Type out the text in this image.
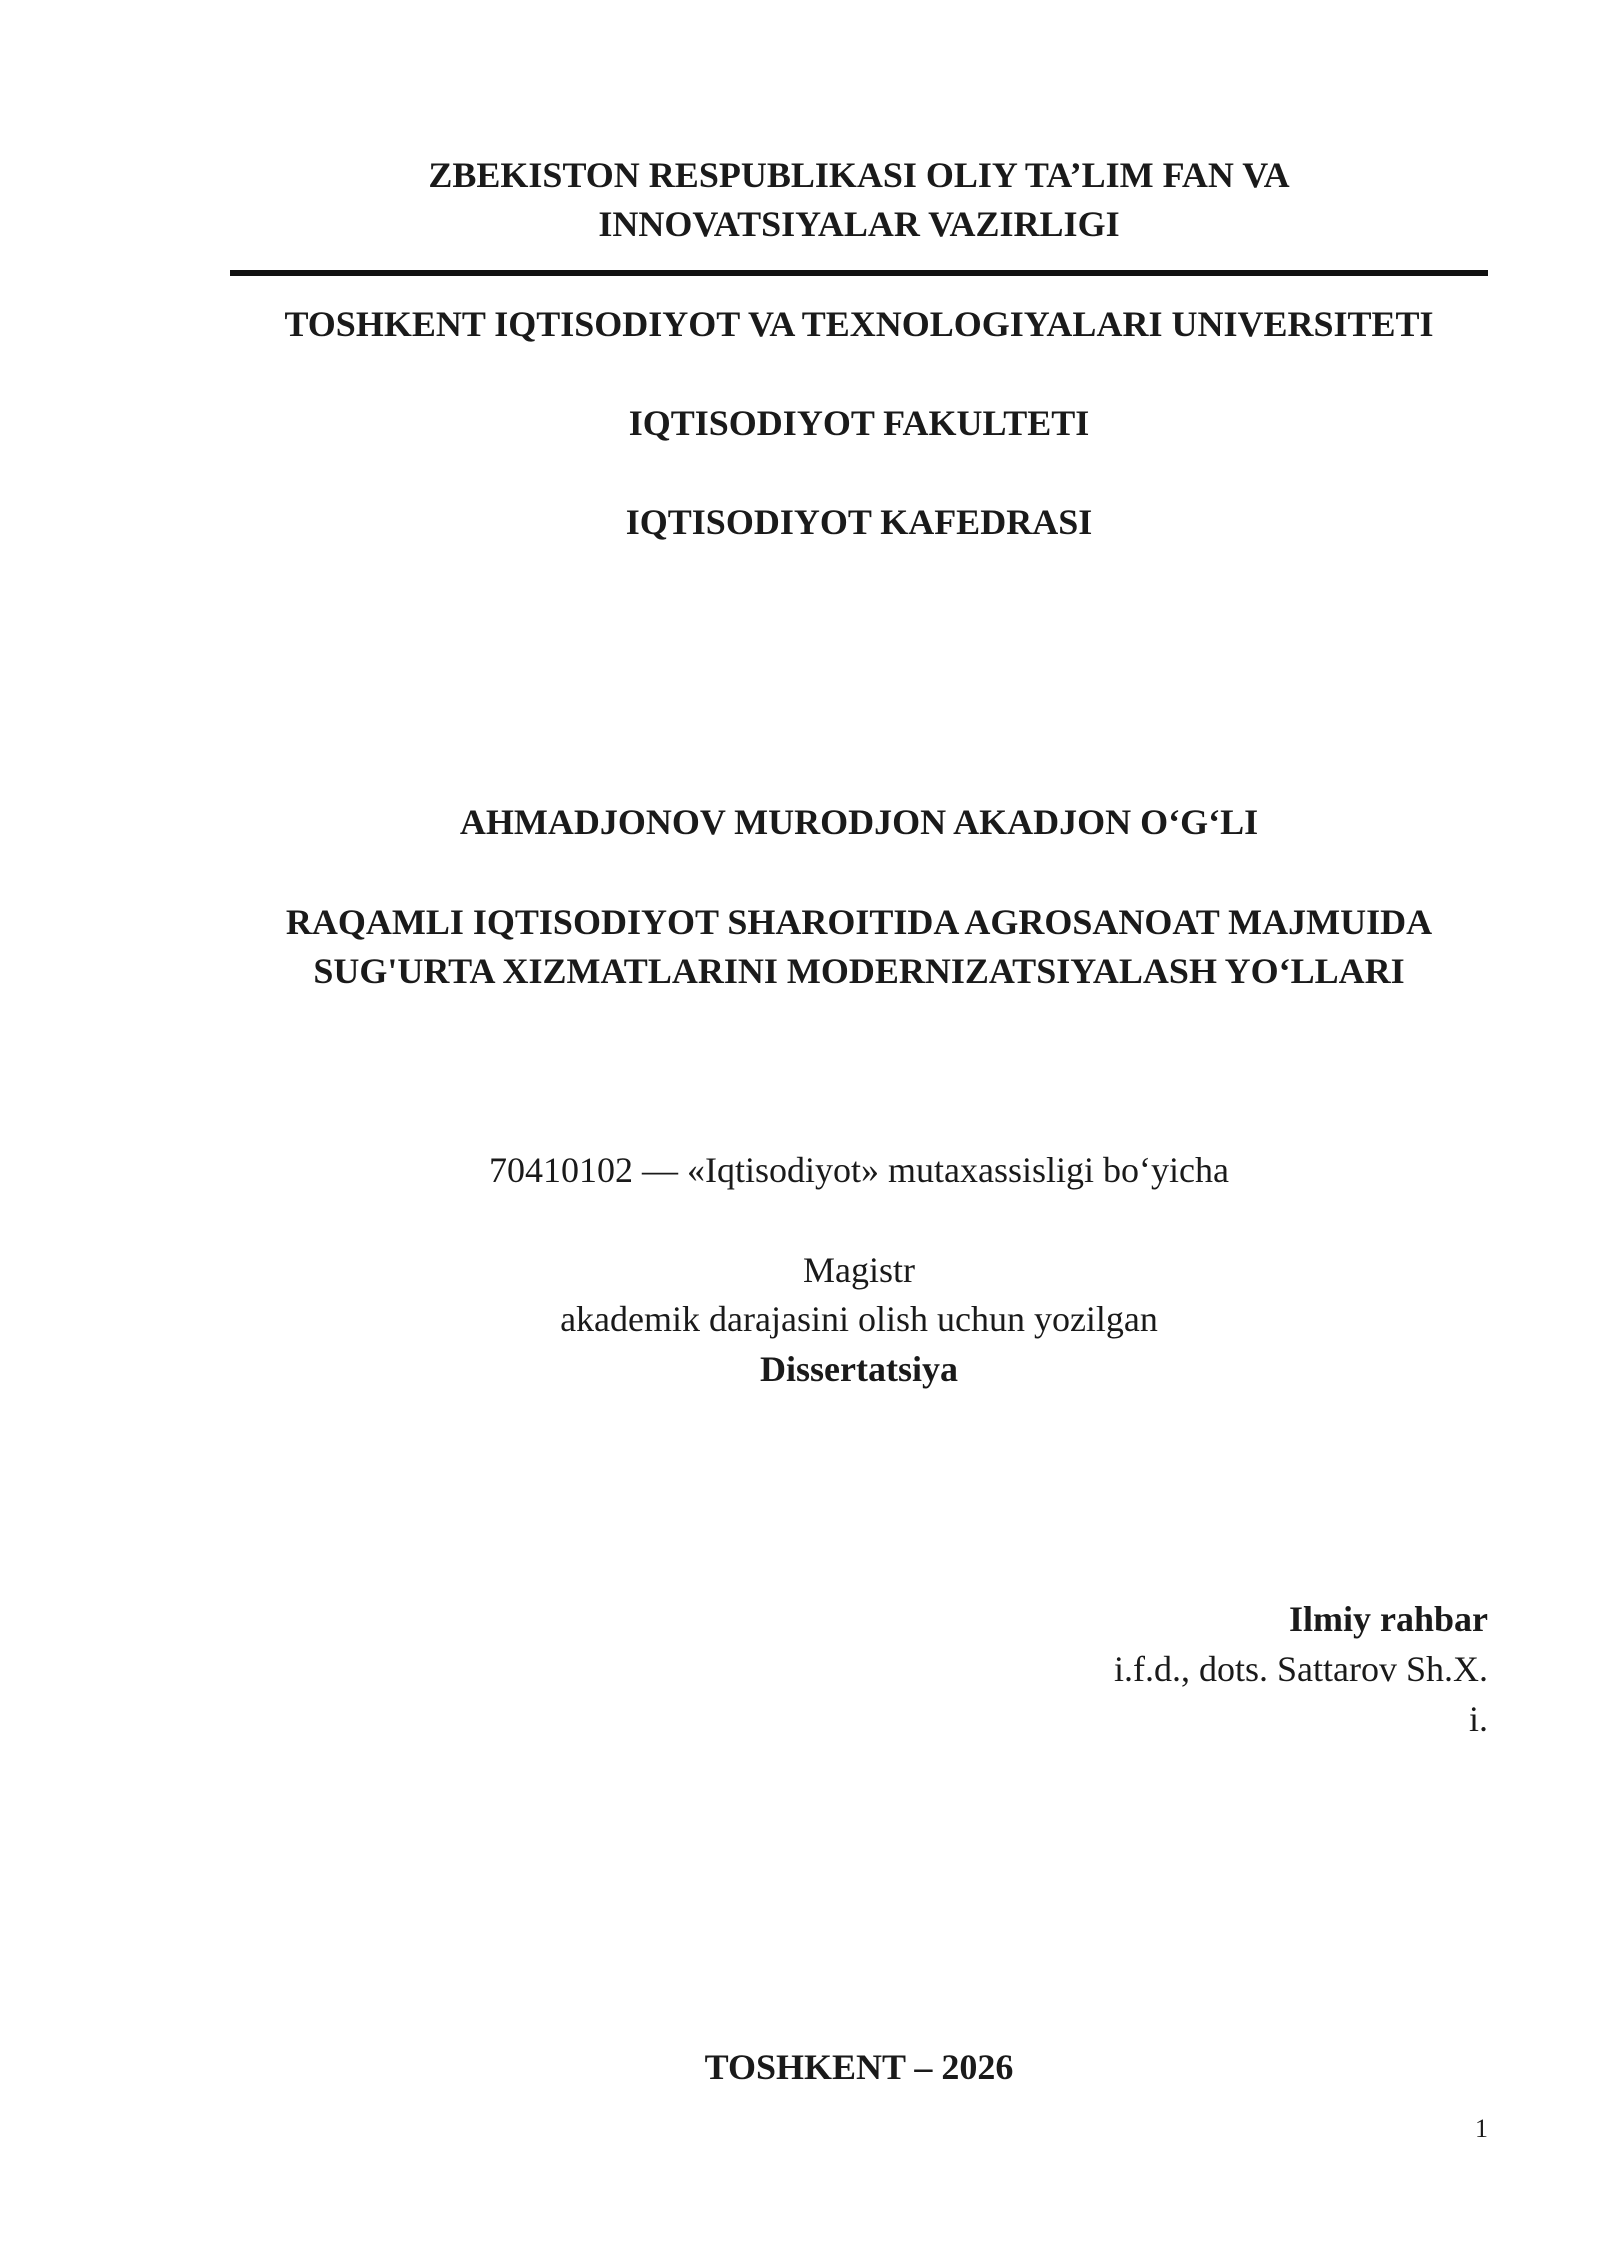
ZBEKISTON RESPUBLIKASI OLIY TA’LIM FAN VA

INNOVATSIYALAR VAZIRLIGI

TOSHKENT IQTISODIYOT VA TEXNOLOGIYALARI UNIVERSITETI

IQTISODIYOT FAKULTETI

IQTISODIYOT KAFEDRASI

AHMADJONOV MURODJON AKADJON O‘G‘LI

RAQAMLI IQTISODIYOT SHAROITIDA AGROSANOAT MAJMUIDA

SUG'URTA XIZMATLARINI MODERNIZATSIYALASH YO‘LLARI

70410102 — «Iqtisodiyot» mutaxassisligi bo‘yicha

Magistr

akademik darajasini olish uchun yozilgan

Dissertatsiya

Ilmiy rahbar

i.f.d., dots. Sattarov Sh.X.

i.

TOSHKENT – 2026

1
